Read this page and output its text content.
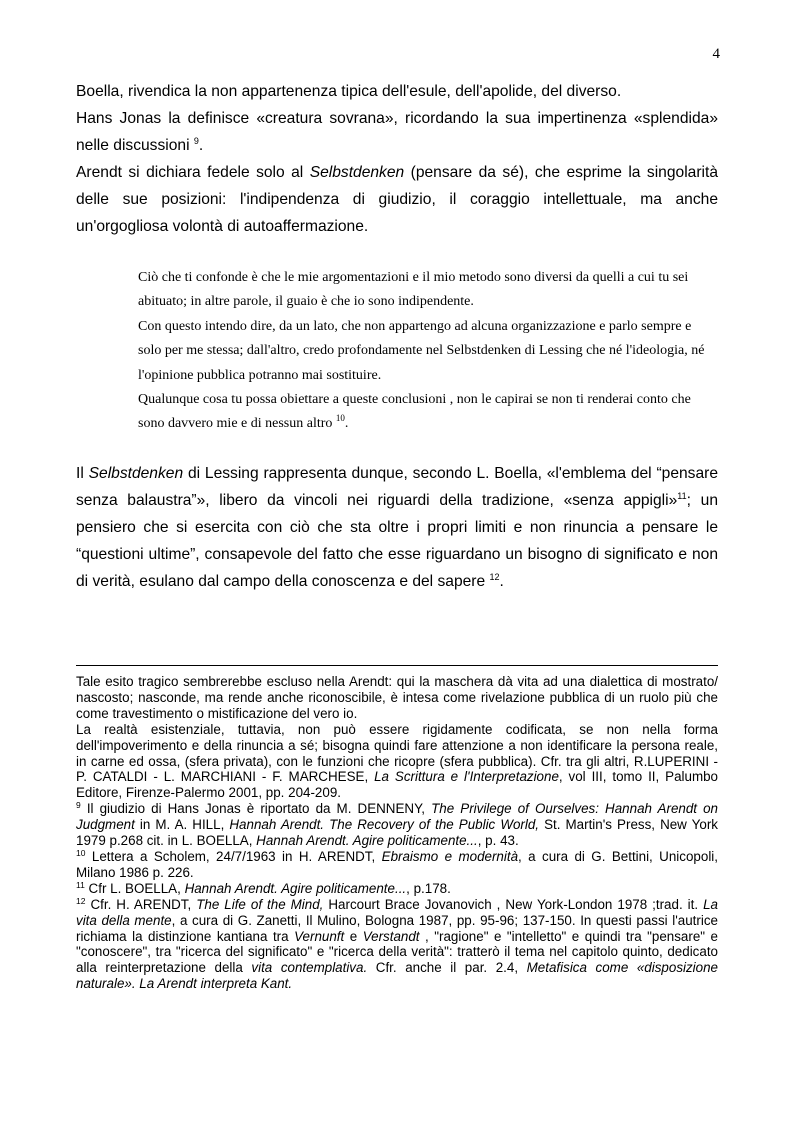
4

Boella, rivendica la non appartenenza tipica dell'esule, dell'apolide, del diverso.

Hans Jonas la definisce «creatura sovrana», ricordando la sua impertinenza «splendida» nelle discussioni $^9$.

Arendt si dichiara fedele solo al Selbstdenken (pensare da sé), che esprime la singolarità delle sue posizioni: l'indipendenza di giudizio, il coraggio intellettuale, ma anche un'orgogliosa volontà di autoaffermazione.

Ciò che ti confonde è che le mie argomentazioni e il mio metodo sono diversi da quelli a cui tu sei abituato; in altre parole, il guaio è che io sono indipendente.

Con questo intendo dire, da un lato, che non appartengo ad alcuna organizzazione e parlo sempre e solo per me stessa; dall'altro, credo profondamente nel Selbstdenken di Lessing che né l'ideologia, né l'opinione pubblica potranno mai sostituire.

Qualunque cosa tu possa obiettare a queste conclusioni , non le capirai se non ti renderai conto che sono davvero mie e di nessun altro $^{10}$.

Il Selbstdenken di Lessing rappresenta dunque, secondo L. Boella, «l'emblema del “pensare senza balaustra”», libero da vincoli nei riguardi della tradizione, «senza appigli»$^{11}$; un pensiero che si esercita con ciò che sta oltre i propri limiti e non rinuncia a pensare le “questioni ultime”, consapevole del fatto che esse riguardano un bisogno di significato e non di verità, esulano dal campo della conoscenza e del sapere $^{12}$.

Tale esito tragico sembrerebbe escluso nella Arendt: qui la maschera dà vita ad una dialettica di mostrato/ nascosto; nasconde, ma rende anche riconoscibile, è intesa come rivelazione pubblica di un ruolo più che come travestimento o mistificazione del vero io.

La realtà esistenziale, tuttavia, non può essere rigidamente codificata, se non nella forma dell'impoverimento e della rinuncia a sé; bisogna quindi fare attenzione a non identificare la persona reale, in carne ed ossa, (sfera privata), con le funzioni che ricopre (sfera pubblica). Cfr. tra gli altri, R.LUPERINI - P. CATALDI - L. MARCHIANI - F. MARCHESE, La Scrittura e l'Interpretazione, vol III, tomo II, Palumbo Editore, Firenze-Palermo 2001, pp. 204-209.

$^9$ Il giudizio di Hans Jonas è riportato da M. DENNENY, The Privilege of Ourselves: Hannah Arendt on Judgment in M. A. HILL, Hannah Arendt. The Recovery of the Public World, St. Martin's Press, New York 1979 p.268 cit. in L. BOELLA, Hannah Arendt. Agire politicamente..., p. 43.

$^{10}$ Lettera a Scholem, 24/7/1963 in H. ARENDT, Ebraismo e modernità, a cura di G. Bettini, Unicopoli, Milano 1986 p. 226.

$^{11}$ Cfr L. BOELLA, Hannah Arendt. Agire politicamente..., p.178.

$^{12}$ Cfr. H. ARENDT, The Life of the Mind, Harcourt Brace Jovanovich , New York-London 1978 ;trad. it. La vita della mente, a cura di G. Zanetti, Il Mulino, Bologna 1987, pp. 95-96; 137-150. In questi passi l'autrice richiama la distinzione kantiana tra Vernunft e Verstandt , "ragione" e "intelletto" e quindi tra "pensare" e "conoscere", tra "ricerca del significato" e "ricerca della verità": tratterò il tema nel capitolo quinto, dedicato alla reinterpretazione della vita contemplativa. Cfr. anche il par. 2.4, Metafisica come «disposizione naturale». La Arendt interpreta Kant.
